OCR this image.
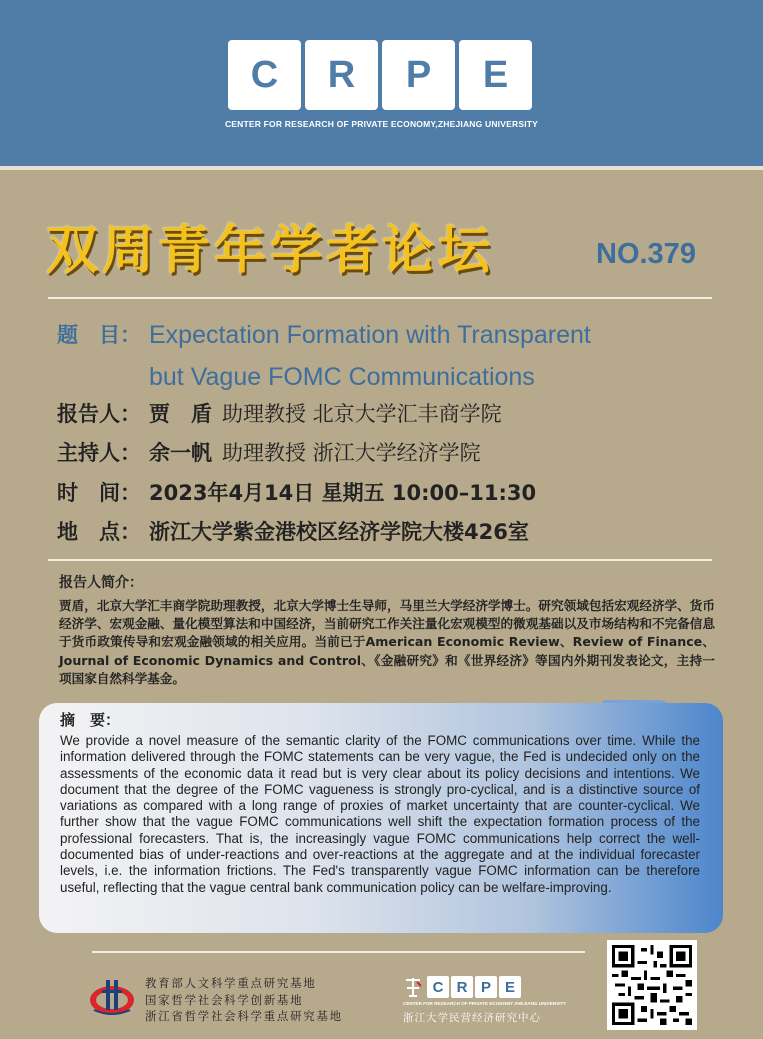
C	R	P	E
CENTER FOR RESEARCH OF PRIVATE ECONOMY,ZHEJIANG UNIVERSITY
双周青年学者论坛	NO.379
题　目： Expectation Formation with Transparent
but Vague FOMC Communications
报告人： 贾　盾 助理教授 北京大学汇丰商学院
主持人： 余一帆 助理教授 浙江大学经济学院
时　间： 2023年4月14日 星期五 10:00–11:30
地　点： 浙江大学紫金港校区经济学院大楼426室
报告人简介：
贾盾，北京大学汇丰商学院助理教授，北京大学博士生导师，马里兰大学经济学博士。研究领域包括宏观经济学、货币经济学、宏观金融、量化模型算法和中国经济，当前研究工作关注量化宏观模型的微观基础以及市场结构和不完备信息于货币政策传导和宏观金融领域的相关应用。当前已于American Economic Review、Review of Finance、Journal of Economic Dynamics and Control、《金融研究》和《世界经济》等国内外期刊发表论文，主持一项国家自然科学基金。
摘　要：
We provide a novel measure of the semantic clarity of the FOMC communications over time. While the information delivered through the FOMC statements can be very vague, the Fed is undecided only on the assessments of the economic data it read but is very clear about its policy decisions and intentions. We document that the degree of the FOMC vagueness is strongly pro-cyclical, and is a distinctive source of variations as compared with a long range of proxies of market uncertainty that are counter-cyclical. We further show that the vague FOMC communications well shift the expectation formation process of the professional forecasters. That is, the increasingly vague FOMC communications help correct the well-documented bias of under-reactions and over-reactions at the aggregate and at the individual forecaster levels, i.e. the information frictions. The Fed's transparently vague FOMC information can be therefore useful, reflecting that the vague central bank communication policy can be welfare-improving.
教育部人文科学重点研究基地
国家哲学社会科学创新基地
浙江省哲学社会科学重点研究基地
C R P E
CENTER FOR RESEARCH OF PRIVATE ECONOMY ZHEJIANG UNIVERSITY
浙江大学民营经济研究中心
